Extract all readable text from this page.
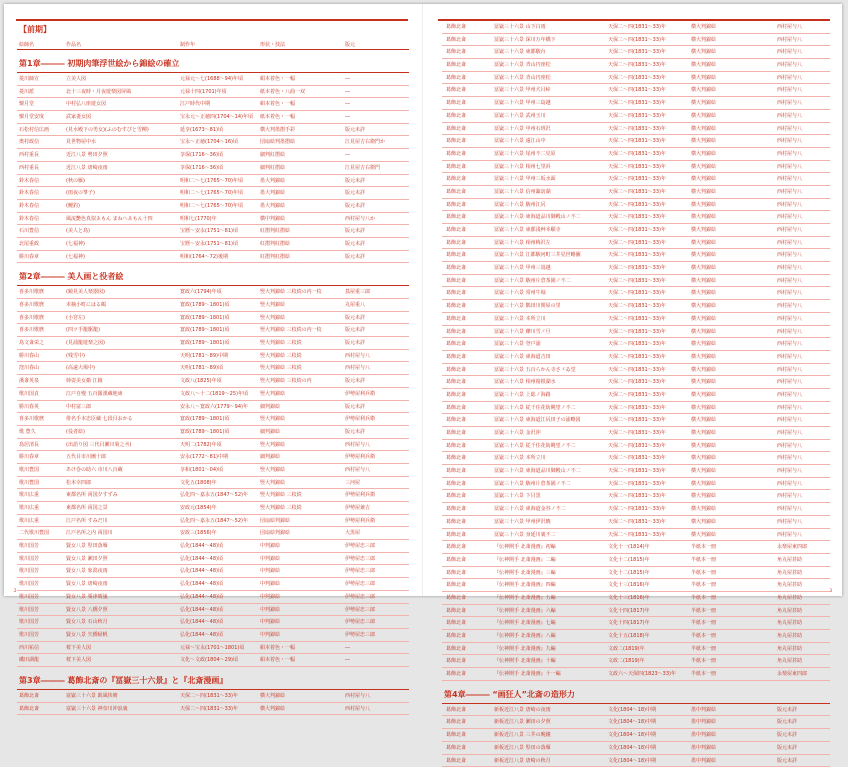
【前期】
絵師名	作品名	制作年	形状・技法	版元
第1章――― 初期肉筆浮世絵から錦絵の確立
菱川師宣	立美人図	元禄元～七(1688～94)年頃	絹本着色・一幅	―
菱川派	北十三夜時・月夜遊楽図屏風	元禄十四(1701)年頃	紙本着色・八曲一双	―
懐月堂	中村弘八座遊女図	江戸時代中期	絹本着色・一幅	―
懐月堂安度	武家妻女図	宝永元～正徳四(1704～14)年頃	紙本着色・一幅	―
石松村信広画	(見水殿下の男女)(ふのむすびと雪柳)	延享(1673～81)頃	横大判墨摺手彩	版元未詳
奥村政信	見世物屋中水	宝永～正徳(1704～16)頃	団扇絵判墨摺絵	江見屋吉右衛門か
西村重長	近江八景 勢田夕照	享保(1716～36)頃	細判紅摺絵	―
西村重長	近江八景 唐崎夜雨	享保(1716～36)頃	細判紅摺絵	江見屋吉右衛門
鈴木春信	(秋の雁)	明和二～七(1765～70)年頃	墨大判錦絵	版元未詳
鈴木春信	(雨夜の箏子)	明和二～七(1765～70)年頃	墨大判錦絵	版元未詳
鈴木春信	(鯉釣)	明和二～七(1765～70)年頃	墨大判錦絵	版元未詳
鈴木春信	風流艶色真似ゑもん まねへゑもん十四	明和七(1770)年	横中判錦絵	西村屋与八か
石川豊信	(美人と鳥)	宝暦～安永(1751～81)頃	紅摺判紅摺絵	版元未詳
北尾重政	(七福神)	宝暦～安永(1751～81)頃	紅摺判紅摺絵	版元未詳
勝川春章	(七福神)	明和(1764～72)後期	紅摺判紅摺絵	版元未詳
第2章――― 美人画と役者絵
喜多川歌麿	(鏡見美人楽器図)	寛政六(1794)年頃	竪大判錦絵 三枚続の内一枚	蔦屋重三郎
喜多川歌麿	末摘小町にはる鶴	寛政(1789～1801)頃	竪大判錦絵	丸屋重八
喜多川歌麿	(小宮左)	寛政(1789～1801)頃	竪大判錦絵	版元未詳
喜多川歌麿	(四ツ手籠駆籠)	寛政(1789～1801)頃	竪大判錦絵 三枚続の内一枚	版元未詳
鳥文斎栄之	(見浦籠遊楽之図)	寛政(1789～1801)頃	竪大判錦絵 三枚続	版元未詳
勝川春山	(残雪中)	天明(1781～89)中期	竪大判錦絵 三枚続	西村屋与八
窪川春山	(高遠大場中)	天明(1781～89)頃	竪大判錦絵 三枚続	西村屋与八
溪斎英泉	姉姿美女揃 江鏡	文政八(1825)年頃	竪大判錦絵 三枚続の内	版元未詳
歌川国貞	江戸自慢 五百羅漢蔵地東	文政八～十二(1819～25)年頃	竪大判錦絵	伊勢屋利兵衛
勝川春英	中村富三郎	安永八～寛政六(1779～94)年	細判錦絵	版元未詳
喜多川歌麿	俳名手本忠臣蔵 七段目おかる	寛政(1789～1801)頃	竪大判錦絵	伊勢屋利兵衛
歌 豊久	(役者絵)	寛政(1789～1801)頃	細判錦絵	版元未詳
鳥居清長	(出語り図 三代目瀬川菊之丞)	天明二(1782)年頃	竪大判錦絵	西村屋与八
勝川春章	五代目市川團十郎	安永(1772～81)中期	細判錦絵	伊勢屋利兵衛
歌川豊国	あけ巻の助六 市川八百蔵	享和(1801～04)頃	竪大判錦絵	西村屋与八
歌川豊国	松本幸四郎	文化五(1808)年	竪大判錦絵	三河屋
歌川広重	東都名所 両国夕すずみ	弘化四～嘉永五(1847～52)年	竪大判錦絵 三枚続	伊勢屋利兵衛
歌川広重	東都名所 両国之景	安政元(1854)年	竪大判錦絵 三枚続	伊勢屋兼吉
歌川広重	江戸名所 すみだ川	弘化四～嘉永五(1847～52)年	団扇絵判錦絵	伊勢屋利兵衛
二代歌川豊国	江戸名所之内 両国川	安政三(1856)年	団扇絵判錦絵	大黒屋
歌川国芳	賢女八景 堅田落雁	弘化(1844～48)頃	中判錦絵	伊勢屋忠三郎
歌川国芳	賢女八景 瀬田夕照	弘化(1844～48)頃	中判錦絵	伊勢屋忠三郎
歌川国芳	賢女八景 象潟夜雨	弘化(1844～48)頃	中判錦絵	伊勢屋忠三郎
歌川国芳	賢女八景 唐崎夜雨	弘化(1844～48)頃	中判錦絵	伊勢屋忠三郎
歌川国芳	賢女八景 粟津晴嵐	弘化(1844～48)頃	中判錦絵	伊勢屋忠三郎
歌川国芳	賢女八景 八橋夕照	弘化(1844～48)頃	中判錦絵	伊勢屋忠三郎
歌川国芳	賢女八景 石山秋月	弘化(1844～48)頃	中判錦絵	伊勢屋忠三郎
歌川国芳	賢女八景 矢橋帰帆	弘化(1844～48)頃	中判錦絵	伊勢屋忠三郎
西川祐信	桜下美人図	元禄～宝永(1701～1801)頃	絹本着色・一幅	―
磯田湖龍	桜下美人図	文化～文政(1804～29)頃	絹本着色・一幅	―
第3章――― 葛飾北斎の『冨嶽三十六景』と『北斎漫画』
葛飾北斎	富嶽三十六景 凱風快晴	天保二～四(1831～33)年	横大判錦絵	西村屋与八
葛飾北斎	富嶽三十六景 神奈川沖浪裏	天保二～四(1831～33)年	横大判錦絵	西村屋与八
2
葛飾北斎	冨嶽三十六景 山下白雨	天保二～四(1831～33)年	横大判錦絵	西村屋与八
葛飾北斎	冨嶽三十六景 深川万年橋下	天保二～四(1831～33)年	横大判錦絵	西村屋与八
葛飾北斎	冨嶽三十六景 東都駿台	天保二～四(1831～33)年	横大判錦絵	西村屋与八
葛飾北斎	冨嶽三十六景 青山円座松	天保二～四(1831～33)年	横大判錦絵	西村屋与八
葛飾北斎	冨嶽三十六景 青山円座松	天保二～四(1831～33)年	横大判錦絵	西村屋与八
葛飾北斎	冨嶽三十六景 甲州犬目峠	天保二～四(1831～33)年	横大判錦絵	西村屋与八
葛飾北斎	冨嶽三十六景 甲州三島越	天保二～四(1831～33)年	横大判錦絵	西村屋与八
葛飾北斎	冨嶽三十六景 武州玉川	天保二～四(1831～33)年	横大判錦絵	西村屋与八
葛飾北斎	冨嶽三十六景 甲州石班沢	天保二～四(1831～33)年	横大判錦絵	西村屋与八
葛飾北斎	冨嶽三十六景 遠江山中	天保二～四(1831～33)年	横大判錦絵	西村屋与八
葛飾北斎	冨嶽三十六景 尾州不二見原	天保二～四(1831～33)年	横大判錦絵	西村屋与八
葛飾北斎	冨嶽三十六景 相州七里浜	天保二～四(1831～33)年	横大判錦絵	西村屋与八
葛飾北斎	冨嶽三十六景 甲州三坂水面	天保二～四(1831～33)年	横大判錦絵	西村屋与八
葛飾北斎	冨嶽三十六景 信州諏訪湖	天保二～四(1831～33)年	横大判錦絵	西村屋与八
葛飾北斎	冨嶽三十六景 駿州江尻	天保二～四(1831～33)年	横大判錦絵	西村屋与八
葛飾北斎	冨嶽三十六景 東海道品川御殿山ノ不二	天保二～四(1831～33)年	横大判錦絵	西村屋与八
葛飾北斎	冨嶽三十六景 東都浅艸本願寺	天保二～四(1831～33)年	横大判錦絵	西村屋与八
葛飾北斎	冨嶽三十六景 相州梅沢左	天保二～四(1831～33)年	横大判錦絵	西村屋与八
葛飾北斎	冨嶽三十六景 江都駿河町三井見世略圖	天保二～四(1831～33)年	横大判錦絵	西村屋与八
葛飾北斎	冨嶽三十六景 甲州三嶌越	天保二～四(1831～33)年	横大判錦絵	西村屋与八
葛飾北斎	冨嶽三十六景 駿州片倉茶園ノ不二	天保二～四(1831～33)年	横大判錦絵	西村屋与八
葛飾北斎	冨嶽三十六景 常州牛堀	天保二～四(1831～33)年	横大判錦絵	西村屋与八
葛飾北斎	冨嶽三十六景 隅田川関屋の里	天保二～四(1831～33)年	横大判錦絵	西村屋与八
葛飾北斎	冨嶽三十六景 本所立川	天保二～四(1831～33)年	横大判錦絵	西村屋与八
葛飾北斎	冨嶽三十六景 礫川雪ノ旦	天保二～四(1831～33)年	横大判錦絵	西村屋与八
葛飾北斎	冨嶽三十六景 登戸浦	天保二～四(1831～33)年	横大判錦絵	西村屋与八
葛飾北斎	冨嶽三十六景 東海道吉田	天保二～四(1831～33)年	横大判錦絵	西村屋与八
葛飾北斎	冨嶽三十六景 五百らかん寺さゞゐ堂	天保二～四(1831～33)年	横大判錦絵	西村屋与八
葛飾北斎	冨嶽三十六景 相州箱根湖水	天保二～四(1831～33)年	横大判錦絵	西村屋与八
葛飾北斎	冨嶽三十六景 上総ノ海路	天保二～四(1831～33)年	横大判錦絵	西村屋与八
葛飾北斎	冨嶽三十六景 従千住花街眺望ノ不二	天保二～四(1831～33)年	横大判錦絵	西村屋与八
葛飾北斎	冨嶽三十六景 東海道江尻田子の浦略図	天保二～四(1831～33)年	横大判錦絵	西村屋与八
葛飾北斎	冨嶽三十六景 金沢沖	天保二～四(1831～33)年	横大判錦絵	西村屋与八
葛飾北斎	冨嶽三十六景 従千住花街眺望ノ不二	天保二～四(1831～33)年	横大判錦絵	西村屋与八
葛飾北斎	冨嶽三十六景 本所立川	天保二～四(1831～33)年	横大判錦絵	西村屋与八
葛飾北斎	冨嶽三十六景 東海道品川御殿山ノ不二	天保二～四(1831～33)年	横大判錦絵	西村屋与八
葛飾北斎	冨嶽三十六景 駿州片倉茶園ノ不二	天保二～四(1831～33)年	横大判錦絵	西村屋与八
葛飾北斎	冨嶽三十六景 下目黒	天保二～四(1831～33)年	横大判錦絵	西村屋与八
葛飾北斎	冨嶽三十六景 東海道金谷ノ不二	天保二～四(1831～33)年	横大判錦絵	西村屋与八
葛飾北斎	冨嶽三十六景 甲州伊沢暁	天保二～四(1831～33)年	横大判錦絵	西村屋与八
葛飾北斎	冨嶽三十六景 身延川裏不二	天保二～四(1831～33)年	横大判錦絵	西村屋与八
葛飾北斎	『伝神開手 北斎漫画』初編	文化十一(1814)年	半紙本一冊	永楽屋東四郎
葛飾北斎	『伝神開手 北斎漫画』二編	文化十二(1815)年	半紙本一冊	角丸屋甚助
葛飾北斎	『伝神開手 北斎漫画』三編	文化十二(1815)年	半紙本一冊	角丸屋甚助
葛飾北斎	『伝神開手 北斎漫画』四編	文化十三(1816)年	半紙本一冊	角丸屋甚助
葛飾北斎	『伝神開手 北斎漫画』五編	文化十三(1816)年	半紙本一冊	角丸屋甚助
葛飾北斎	『伝神開手 北斎漫画』六編	文化十四(1817)年	半紙本一冊	角丸屋甚助
葛飾北斎	『伝神開手 北斎漫画』七編	文化十四(1817)年	半紙本一冊	角丸屋甚助
葛飾北斎	『伝神開手 北斎漫画』八編	文化十五(1818)年	半紙本一冊	角丸屋甚助
葛飾北斎	『伝神開手 北斎漫画』九編	文政二(1819)年	半紙本一冊	角丸屋甚助
葛飾北斎	『伝神開手 北斎漫画』十編	文政二(1819)年	半紙本一冊	角丸屋甚助
葛飾北斎	『伝神開手 北斎漫画』十一編	文政六～天保四(1823～33)年	半紙本一冊	永楽屋東四郎
第4章――― “画狂人”北斎の造形力
葛飾北斎	新板近江八景 唐崎の夜雨	文化(1804～18)中期	墨中判錦絵	版元未詳
葛飾北斎	新板近江八景 瀬田の夕照	文化(1804～18)中期	墨中判錦絵	版元未詳
葛飾北斎	新板近江八景 三井の晩鐘	文化(1804～18)中期	墨中判錦絵	版元未詳
葛飾北斎	新板近江八景 堅田の落雁	文化(1804～18)中期	墨中判錦絵	版元未詳
葛飾北斎	新板近江八景 唐崎の秋月	文化(1804～18)中期	墨中判錦絵	版元未詳
3
